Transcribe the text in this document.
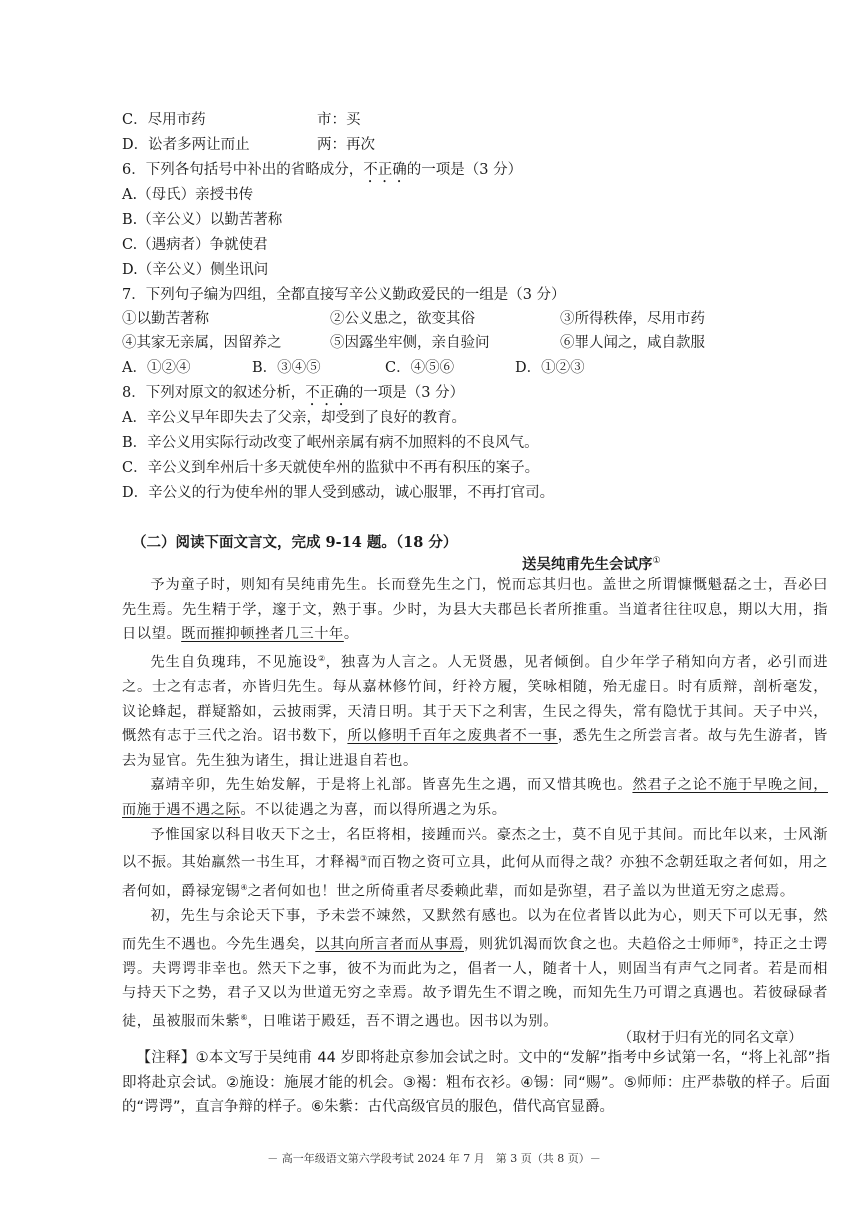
C．尽用市药	市：买
D．讼者多两让而止	两：再次
6．下列各句括号中补出的省略成分，不正确的一项是（3 分）
A.（母氏）亲授书传
B.（辛公义）以勤苦著称
C.（遇病者）争就使君
D.（辛公义）侧坐讯问
7．下列句子编为四组，全都直接写辛公义勤政爱民的一组是（3 分）
①以勤苦著称	②公义患之，欲变其俗	③所得秩俸，尽用市药
④其家无亲属，因留养之	⑤因露坐牢侧，亲自验问	⑥罪人闻之，咸自款服
A．①②④	B．③④⑤	C．④⑤⑥	D．①②③
8．下列对原文的叙述分析，不正确的一项是（3 分）
A．辛公义早年即失去了父亲，却受到了良好的教育。
B．辛公义用实际行动改变了岷州亲属有病不加照料的不良风气。
C．辛公义到牟州后十多天就使牟州的监狱中不再有积压的案子。
D．辛公义的行为使牟州的罪人受到感动，诚心服罪，不再打官司。
（二）阅读下面文言文，完成 9-14 题。（18 分）
送吴纯甫先生会试序①

予为童子时，则知有吴纯甫先生。长而登先生之门，悦而忘其归也。盖世之所谓慷慨魁磊之士，吾必曰先生焉。先生精于学，邃于文，熟于事。少时，为县大夫郡邑长者所推重。当道者往往叹息，期以大用，指日以望。既而摧抑顿挫者几三十年。

先生自负瑰玮，不见施设②，独喜为人言之。人无贤愚，见者倾倒。自少年学子稍知向方者，必引而进之。士之有志者，亦皆归先生。每从嘉林修竹间，纡袊方履，笑咏相随，殆无虚日。时有质辩，剖析毫发，议论蜂起，群疑豁如，云披雨霁，天清日明。其于天下之利害，生民之得失，常有隐忧于其间。天子中兴，慨然有志于三代之治。诏书数下，所以修明千百年之废典者不一事，悉先生之所尝言者。故与先生游者，皆去为显官。先生独为诸生，揖让进退自若也。

嘉靖辛卯，先生始发解，于是将上礼部。皆喜先生之遇，而又惜其晚也。然君子之论不施于早晚之间，而施于遇不遇之际。不以徒遇之为喜，而以得所遇之为乐。

予惟国家以科目收天下之士，名臣将相，接踵而兴。豪杰之士，莫不自见于其间。而比年以来，士风渐以不振。其始羸然一书生耳，才释褐③而百物之资可立具，此何从而得之哉？亦独不念朝廷取之者何如，用之者何如，爵禄宠锡④之者何如也！世之所倚重者尽委赖此辈，而如是弥望，君子盖以为世道无穷之虑焉。

初，先生与余论天下事，予未尝不竦然，又默然有感也。以为在位者皆以此为心，则天下可以无事，然而先生不遇也。今先生遇矣，以其向所言者而从事焉，则犹饥渴而饮食之也。夫趋俗之士师师⑤，持正之士谔谔。夫谔谔非幸也。然天下之事，彼不为而此为之，倡者一人，随者十人，则固当有声气之同者。若是而相与持天下之势，君子又以为世道无穷之幸焉。故予谓先生不谓之晚，而知先生乃可谓之真遇也。若彼碌碌者徒，虽被服而朱紫⑥，日唯诺于殿廷，吾不谓之遇也。因书以为别。

（取材于归有光的同名文章）

【注释】①本文写于吴纯甫 44 岁即将赴京参加会试之时。文中的“发解”指考中乡试第一名，“将上礼部”指即将赴京会试。②施设：施展才能的机会。③褐：粗布衣衫。④锡：同“赐”。⑤师师：庄严恭敬的样子。后面的“谔谔”，直言争辩的样子。⑥朱紫：古代高级官员的服色，借代高官显爵。

－ 高一年级语文第六学段考试 2024 年 7 月　第 3 页（共 8 页）－
